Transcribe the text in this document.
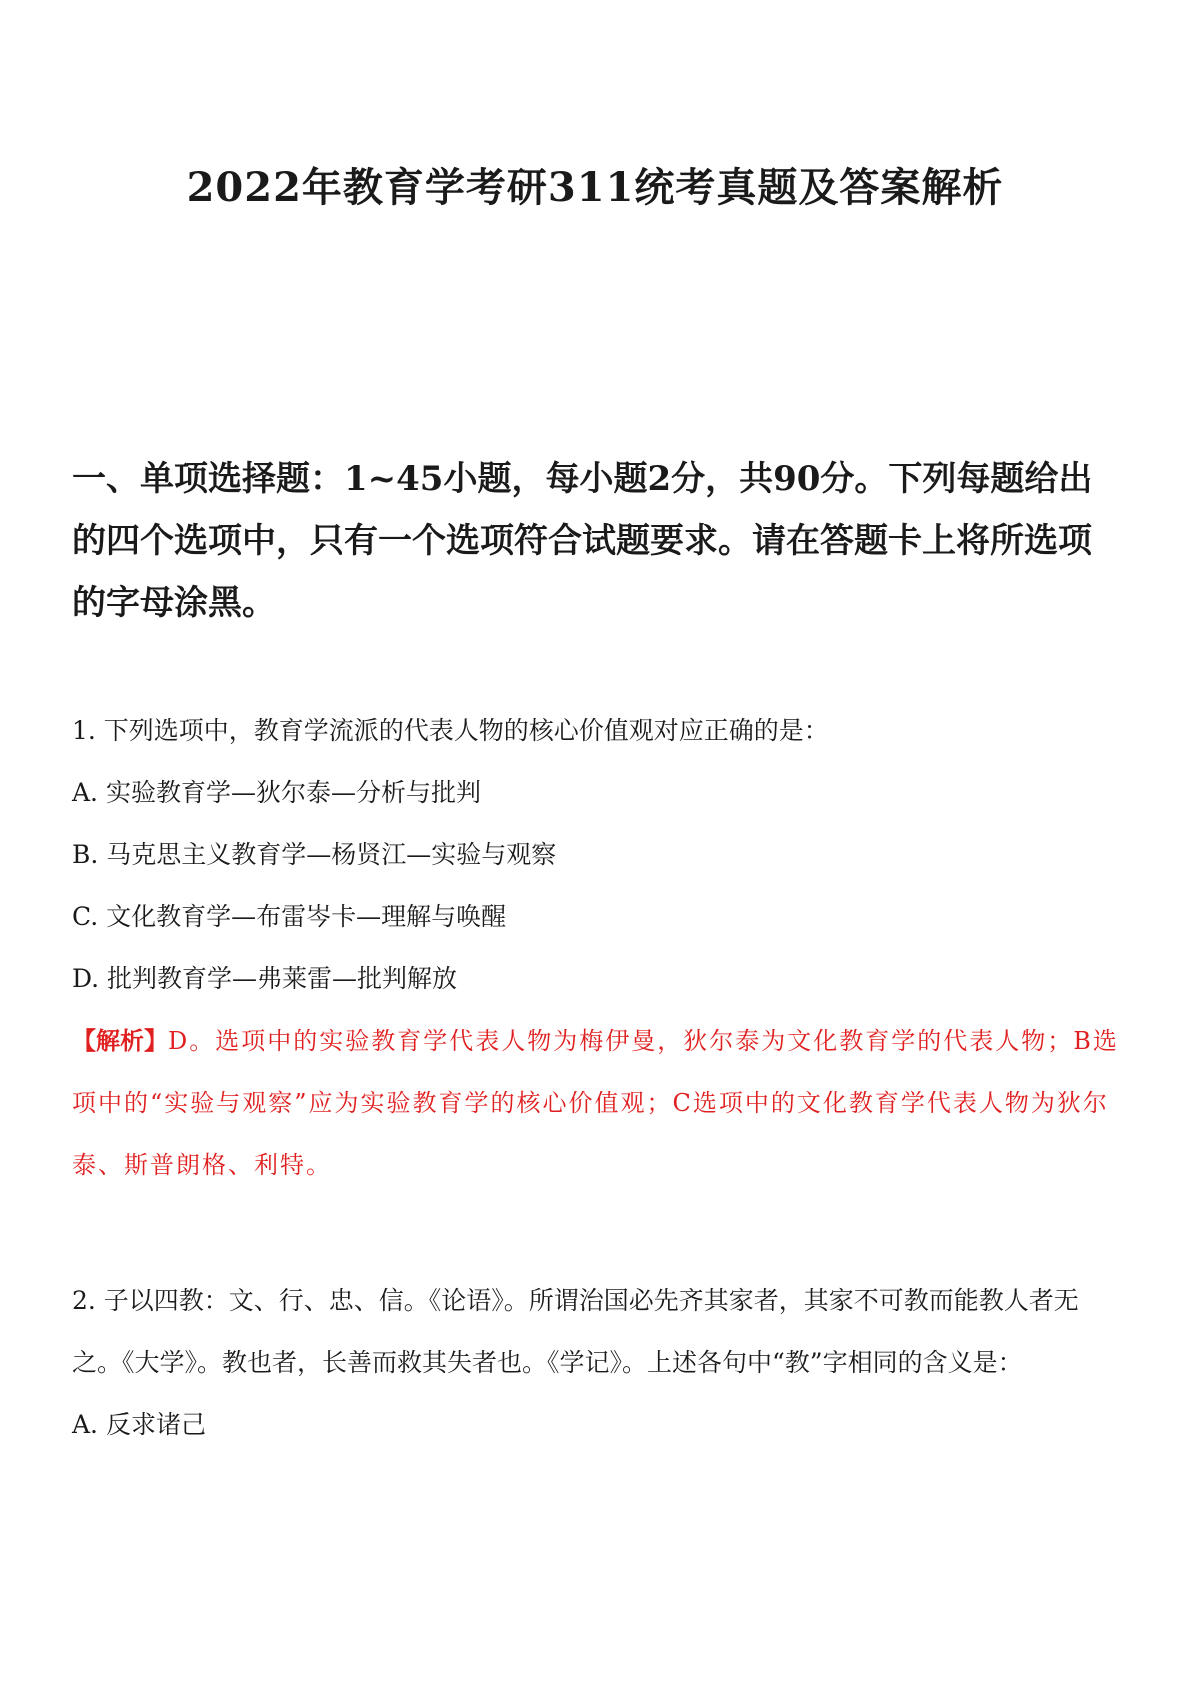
2022年教育学考研311统考真题及答案解析

一、单项选择题：1~45小题，每小题2分，共90分。下列每题给出的四个选项中，只有一个选项符合试题要求。请在答题卡上将所选项的字母涂黑。

1. 下列选项中，教育学流派的代表人物的核心价值观对应正确的是：

A. 实验教育学—狄尔泰—分析与批判

B. 马克思主义教育学—杨贤江—实验与观察

C. 文化教育学—布雷岑卡—理解与唤醒

D. 批判教育学—弗莱雷—批判解放

【解析】D。选项中的实验教育学代表人物为梅伊曼，狄尔泰为文化教育学的代表人物；B选项中的“实验与观察”应为实验教育学的核心价值观；C选项中的文化教育学代表人物为狄尔泰、斯普朗格、利特。

2. 子以四教：文、行、忠、信。《论语》。所谓治国必先齐其家者，其家不可教而能教人者无之。《大学》。教也者，长善而救其失者也。《学记》。上述各句中“教”字相同的含义是：

A. 反求诸己
